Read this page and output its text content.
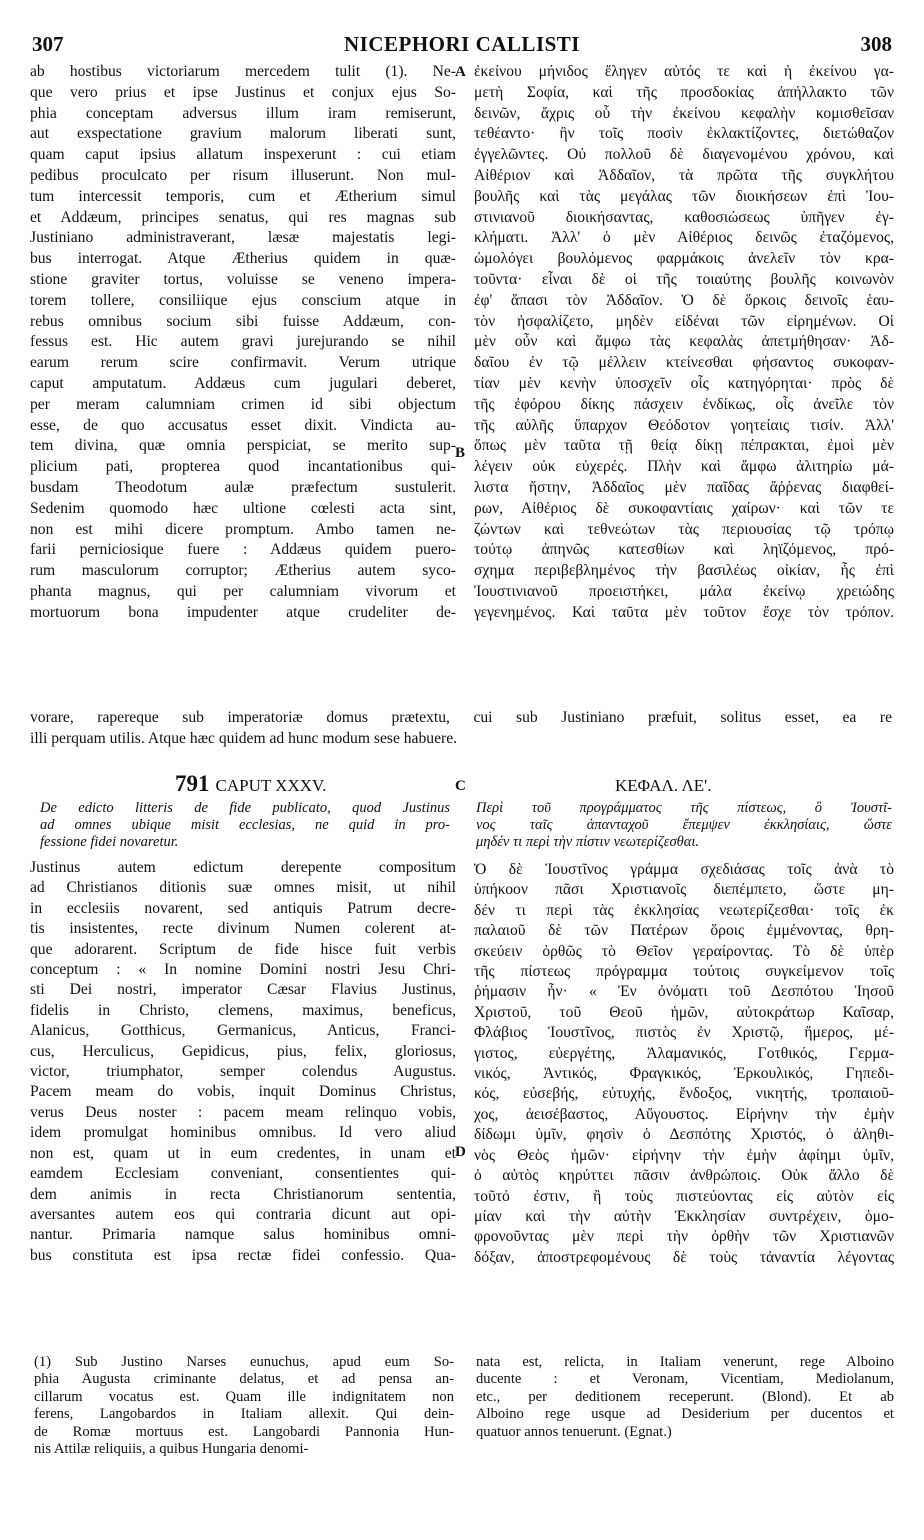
307	NICEPHORI CALLISTI	308
ab hostibus victoriarum mercedem tulit (1). Ne-
que vero prius et ipse Justinus et conjux ejus So-
phia conceptam adversus illum iram remiserunt,
aut exspectatione gravium malorum liberati sunt,
quam caput ipsius allatum inspexerunt : cui etiam
pedibus proculcato per risum illuserunt. Non mul-
tum intercessit temporis, cum et Ætherium simul
et Addæum, principes senatus, qui res magnas sub
Justiniano administraverant, læsæ majestatis legi-
bus interrogat. Atque Ætherius quidem in quæ-
stione graviter tortus, voluisse se veneno impera-
torem tollere, consiliique ejus conscium atque in
rebus omnibus socium sibi fuisse Addæum, con-
fessus est. Hic autem gravi jurejurando se nihil
earum rerum scire confirmavit. Verum utrique
caput amputatum. Addæus cum jugulari deberet,
per meram calumniam crimen id sibi objectum
esse, de quo accusatus esset dixit. Vindicta au-
tem divina, quæ omnia perspiciat, se merito sup-
plicium pati, propterea quod incantationibus qui-
busdam Theodotum aulæ præfectum sustulerit.
Sedenim quomodo hæc ultione cœlesti acta sint,
non est mihi dicere promptum. Ambo tamen ne-
farii perniciosique fuere : Addæus quidem puero-
rum masculorum corruptor; Ætherius autem syco-
phanta magnus, qui per calumniam vivorum et
mortuorum bona impudenter atque crudeliter de-
ἐκείνου μήνιδος ἔληγεν αὐτός τε καὶ ἡ ἐκείνου γα-
μετὴ Σοφία, καὶ τῆς προσδοκίας ἀπήλλακτο τῶν
δεινῶν, ἄχρις οὗ τὴν ἐκείνου κεφαλὴν κομισθεῖσαν
τεθέαντο· ἣν τοῖς ποσὶν ἐκλακτίζοντες, διετώθαζον
ἐγγελῶντες. Οὐ πολλοῦ δὲ διαγενομένου χρόνου, καὶ
Αἰθέριον καὶ Ἀδδαῖον, τὰ πρῶτα τῆς συγκλήτου
βουλῆς καὶ τὰς μεγάλας τῶν διοικήσεων ἐπὶ Ἰου-
στινιανοῦ διοικήσαντας, καθοσιώσεως ὑπῆγεν ἐγ-
κλήματι. Ἀλλ' ὁ μὲν Αἰθέριος δεινῶς ἐταζόμενος,
ὡμολόγει βουλόμενος φαρμάκοις ἀνελεῖν τὸν κρα-
τοῦντα· εἶναι δὲ οἱ τῆς τοιαύτης βουλῆς κοινωνὸν
ἐφ' ἅπασι τὸν Ἀδδαῖον. Ὁ δὲ ὅρκοις δεινοῖς ἑαυ-
τὸν ἠσφαλίζετο, μηδὲν εἰδέναι τῶν εἰρημένων. Οἱ
μὲν οὖν καὶ ἄμφω τὰς κεφαλὰς ἀπετμήθησαν· Ἀδ-
δαῖου ἐν τῷ μέλλειν κτείνεσθαι φήσαντος συκοφαν-
τίαν μὲν κενὴν ὑποσχεῖν οἷς κατηγόρηται· πρὸς δὲ
τῆς ἐφόρου δίκης πάσχειν ἐνδίκως, οἷς ἀνεῖλε τὸν
τῆς αὐλῆς ὕπαρχον Θεόδοτον γοητείαις τισίν. Ἀλλ'
ὅπως μὲν ταῦτα τῇ θείᾳ δίκῃ πέπρακται, ἐμοὶ μὲν
λέγειν οὐκ εὐχερές. Πλὴν καὶ ἄμφω ἀλιτηρίω μά-
λιστα ἤστην, Ἀδδαῖος μὲν παῖδας ἄῤῥενας διαφθεί-
ρων, Αἰθέριος δὲ συκοφαντίαις χαίρων· καὶ τῶν τε
ζώντων καὶ τεθνεώτων τὰς περιουσίας τῷ τρόπῳ
τούτῳ ἀπηνῶς κατεσθίων καὶ ληϊζόμενος, πρό-
σχημα περιβεβλημένος τὴν βασιλέως οἰκίαν, ἧς ἐπὶ
Ἰουστινιανοῦ προειστήκει, μάλα ἐκείνῳ χρειώδης
γεγενημένος. Καὶ ταῦτα μὲν τοῦτον ἔσχε τὸν τρόπον.
vorare, rapereque sub imperatoriæ domus prætextu, cui sub Justiniano præfuit, solitus esset, ea re
illi perquam utilis. Atque hæc quidem ad hunc modum sese habuere.
A
B
C
D
791 CAPUT XXXV.	ΚΕΦΑΛ. ΛΕ'.
De edicto litteris de fide publicato, quod Justinus
ad omnes ubique misit ecclesias, ne quid in pro-
fessione fidei novaretur.
Περὶ τοῦ προγράμματος τῆς πίστεως, ὃ Ἰουστῖ-
νος ταῖς ἁπανταχοῦ ἔπεμψεν ἐκκλησίαις, ὥστε
μηδέν τι περὶ τὴν πίστιν νεωτερίζεσθαι.
Justinus autem edictum derepente compositum
ad Christianos ditionis suæ omnes misit, ut nihil
in ecclesiis novarent, sed antiquis Patrum decre-
tis insistentes, recte divinum Numen colerent at-
que adorarent. Scriptum de fide hisce fuit verbis
conceptum : « In nomine Domini nostri Jesu Chri-
sti Dei nostri, imperator Cæsar Flavius Justinus,
fidelis in Christo, clemens, maximus, beneficus,
Alanicus, Gotthicus, Germanicus, Anticus, Franci-
cus, Herculicus, Gepidicus, pius, felix, gloriosus,
victor, triumphator, semper colendus Augustus.
Pacem meam do vobis, inquit Dominus Christus,
verus Deus noster : pacem meam relinquo vobis,
idem promulgat hominibus omnibus. Id vero aliud
non est, quam ut in eum credentes, in unam et
eamdem Ecclesiam conveniant, consentientes qui-
dem animis in recta Christianorum sententia,
aversantes autem eos qui contraria dicunt aut opi-
nantur. Primaria namque salus hominibus omni-
bus constituta est ipsa rectæ fidei confessio. Qua-
Ὁ δὲ Ἰουστῖνος γράμμα σχεδιάσας τοῖς ἀνὰ τὸ
ὑπήκοον πᾶσι Χριστιανοῖς διεπέμπετο, ὥστε μη-
δέν τι περὶ τὰς ἐκκλησίας νεωτερίζεσθαι· τοῖς ἐκ
παλαιοῦ δὲ τῶν Πατέρων ὅροις ἐμμένοντας, θρη-
σκεύειν ὀρθῶς τὸ Θεῖον γεραίροντας. Τὸ δὲ ὑπὲρ
τῆς πίστεως πρόγραμμα τούτοις συγκείμενον τοῖς
ῥήμασιν ἦν· « Ἐν ὀνόματι τοῦ Δεσπότου Ἰησοῦ
Χριστοῦ, τοῦ Θεοῦ ἡμῶν, αὐτοκράτωρ Καῖσαρ,
Φλάβιος Ἰουστῖνος, πιστὸς ἐν Χριστῷ, ἥμερος, μέ-
γιστος, εὐεργέτης, Ἀλαμανικός, Γοτθικός, Γερμα-
νικός, Ἀντικός, Φραγκικός, Ἐρκουλικός, Γηπεδι-
κός, εὐσεβής, εὐτυχής, ἔνδοξος, νικητής, τροπαιοῦ-
χος, ἀεισέβαστος, Αὔγουστος. Εἰρήνην τὴν ἐμὴν
δίδωμι ὑμῖν, φησὶν ὁ Δεσπότης Χριστός, ὁ ἀληθι-
νὸς Θεὸς ἡμῶν· εἰρήνην τὴν ἐμὴν ἀφίημι ὑμῖν,
ὁ αὐτὸς κηρύττει πᾶσιν ἀνθρώποις. Οὐκ ἄλλο δὲ
τοῦτό ἐστιν, ἢ τοὺς πιστεύοντας εἰς αὐτὸν εἰς
μίαν καὶ τὴν αὐτὴν Ἐκκλησίαν συντρέχειν, ὁμο-
φρονοῦντας μὲν περὶ τὴν ὀρθὴν τῶν Χριστιανῶν
δόξαν, ἀποστρεφομένους δὲ τοὺς τἀναντία λέγοντας
(1) Sub Justino Narses eunuchus, apud eum So-
phia Augusta criminante delatus, et ad pensa an-
cillarum vocatus est. Quam ille indignitatem non
ferens, Langobardos in Italiam allexit. Qui dein-
de Romæ mortuus est. Langobardi Pannonia Hun-
nis Attilæ reliquiis, a quibus Hungaria denomi-
nata est, relicta, in Italiam venerunt, rege Alboino
ducente : et Veronam, Vicentiam, Mediolanum,
etc., per deditionem receperunt. (Blond). Et ab
Alboino rege usque ad Desiderium per ducentos et
quatuor annos tenuerunt. (Egnat.)
